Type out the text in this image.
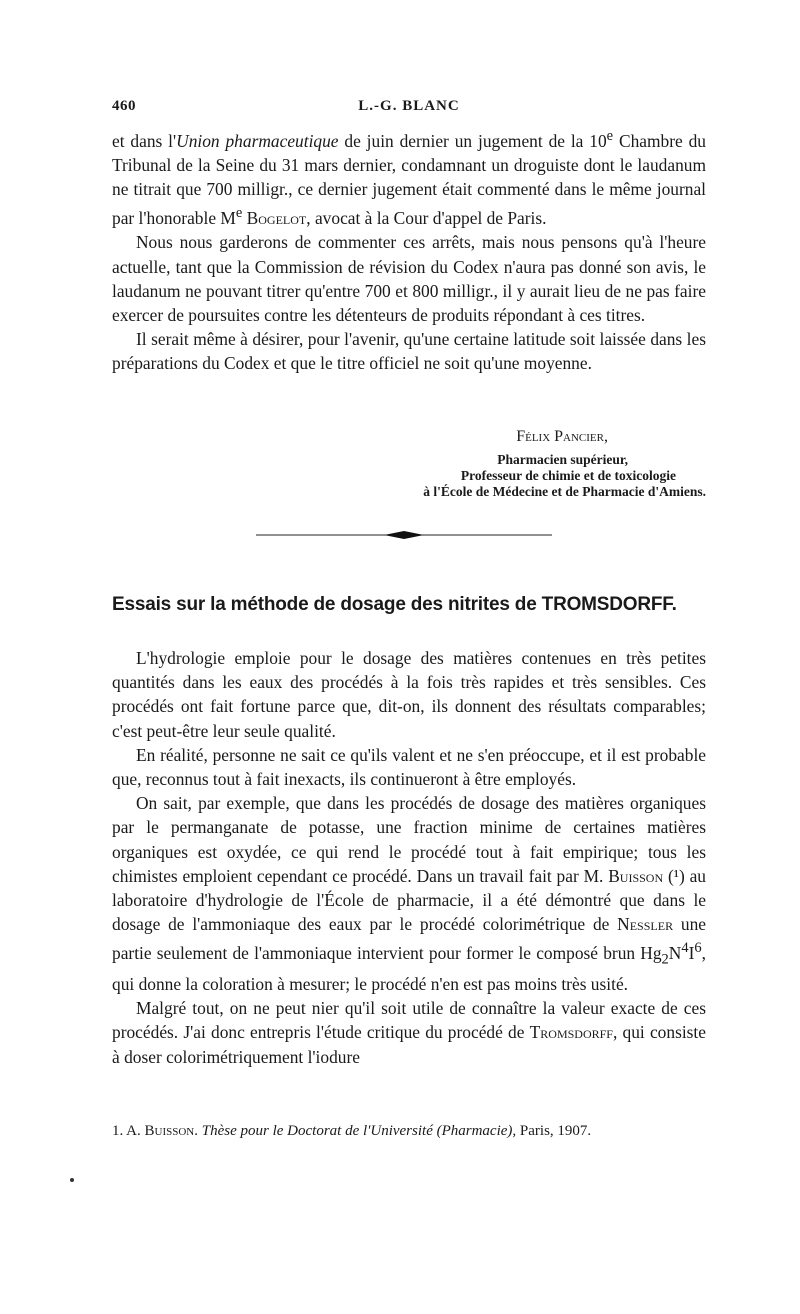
460	L.-G. BLANC

et dans l'Union pharmaceutique de juin dernier un jugement de la 10e Chambre du Tribunal de la Seine du 31 mars dernier, condamnant un droguiste dont le laudanum ne titrait que 700 milligr., ce dernier jugement était commenté dans le même journal par l'honorable Me Bogelot, avocat à la Cour d'appel de Paris.

Nous nous garderons de commenter ces arrêts, mais nous pensons qu'à l'heure actuelle, tant que la Commission de révision du Codex n'aura pas donné son avis, le laudanum ne pouvant titrer qu'entre 700 et 800 milligr., il y aurait lieu de ne pas faire exercer de poursuites contre les détenteurs de produits répondant à ces titres.

Il serait même à désirer, pour l'avenir, qu'une certaine latitude soit laissée dans les préparations du Codex et que le titre officiel ne soit qu'une moyenne.

Félix Pancier,
Pharmacien supérieur,
Professeur de chimie et de toxicologie
à l'École de Médecine et de Pharmacie d'Amiens.
Essais sur la méthode de dosage des nitrites de TROMSDORFF.

L'hydrologie emploie pour le dosage des matières contenues en très petites quantités dans les eaux des procédés à la fois très rapides et très sensibles. Ces procédés ont fait fortune parce que, dit-on, ils donnent des résultats comparables; c'est peut-être leur seule qualité.

En réalité, personne ne sait ce qu'ils valent et ne s'en préoccupe, et il est probable que, reconnus tout à fait inexacts, ils continueront à être employés.

On sait, par exemple, que dans les procédés de dosage des matières organiques par le permanganate de potasse, une fraction minime de certaines matières organiques est oxydée, ce qui rend le procédé tout à fait empirique; tous les chimistes emploient cependant ce procédé. Dans un travail fait par M. Buisson (¹) au laboratoire d'hydrologie de l'École de pharmacie, il a été démontré que dans le dosage de l'ammoniaque des eaux par le procédé colorimétrique de Nessler une partie seulement de l'ammoniaque intervient pour former le composé brun $Hg_2N^4I^6$, qui donne la coloration à mesurer; le procédé n'en est pas moins très usité.

Malgré tout, on ne peut nier qu'il soit utile de connaître la valeur exacte de ces procédés. J'ai donc entrepris l'étude critique du procédé de Tromsdorff, qui consiste à doser colorimétriquement l'iodure

1. A. Buisson. Thèse pour le Doctorat de l'Université (Pharmacie), Paris, 1907.
